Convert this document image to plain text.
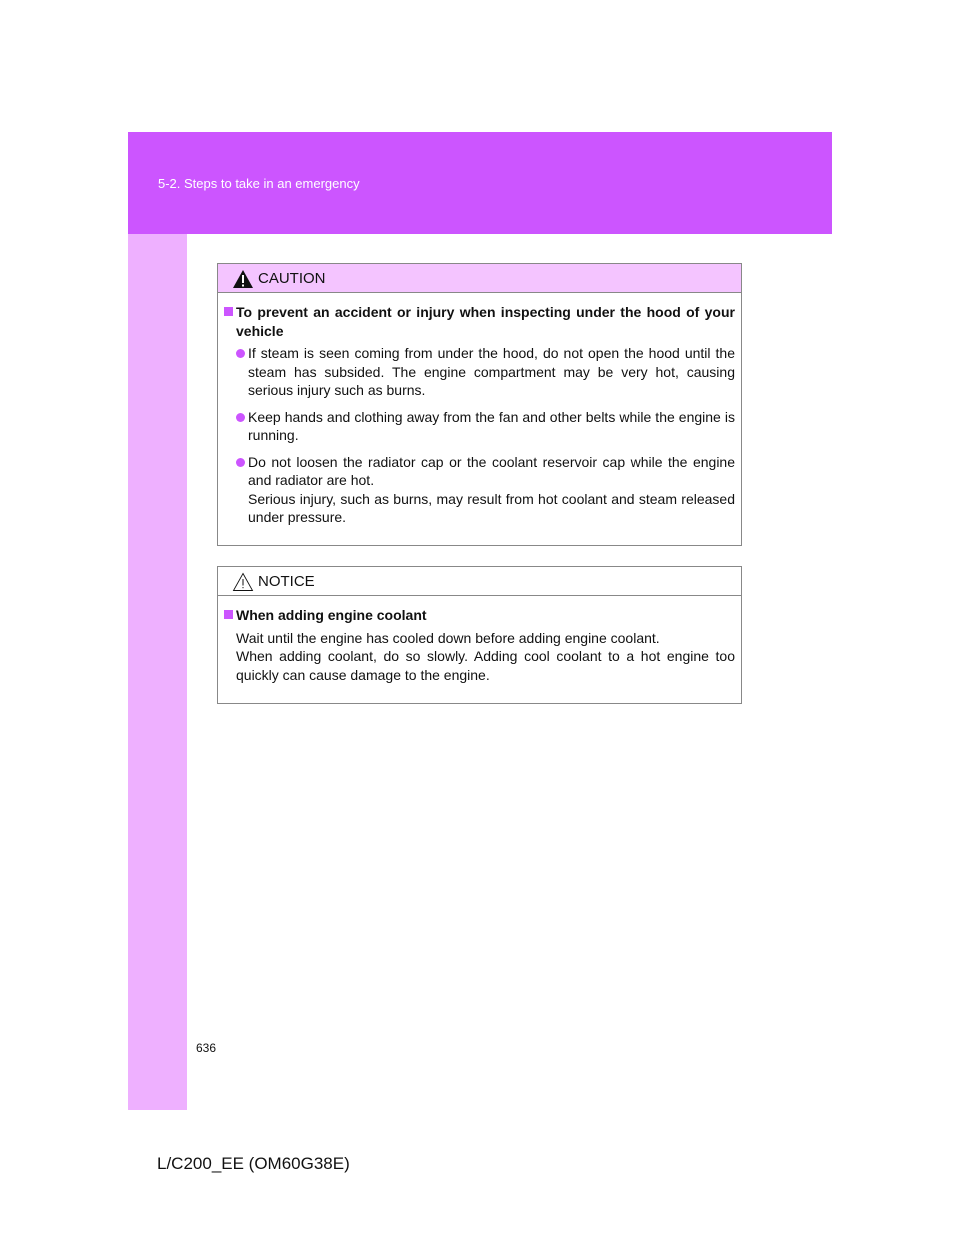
5-2. Steps to take in an emergency
CAUTION
To prevent an accident or injury when inspecting under the hood of your vehicle
If steam is seen coming from under the hood, do not open the hood until the steam has subsided. The engine compartment may be very hot, causing serious injury such as burns.
Keep hands and clothing away from the fan and other belts while the engine is running.
Do not loosen the radiator cap or the coolant reservoir cap while the engine and radiator are hot.
Serious injury, such as burns, may result from hot coolant and steam released under pressure.
NOTICE
When adding engine coolant
Wait until the engine has cooled down before adding engine coolant.
When adding coolant, do so slowly. Adding cool coolant to a hot engine too quickly can cause damage to the engine.
636
L/C200_EE (OM60G38E)
